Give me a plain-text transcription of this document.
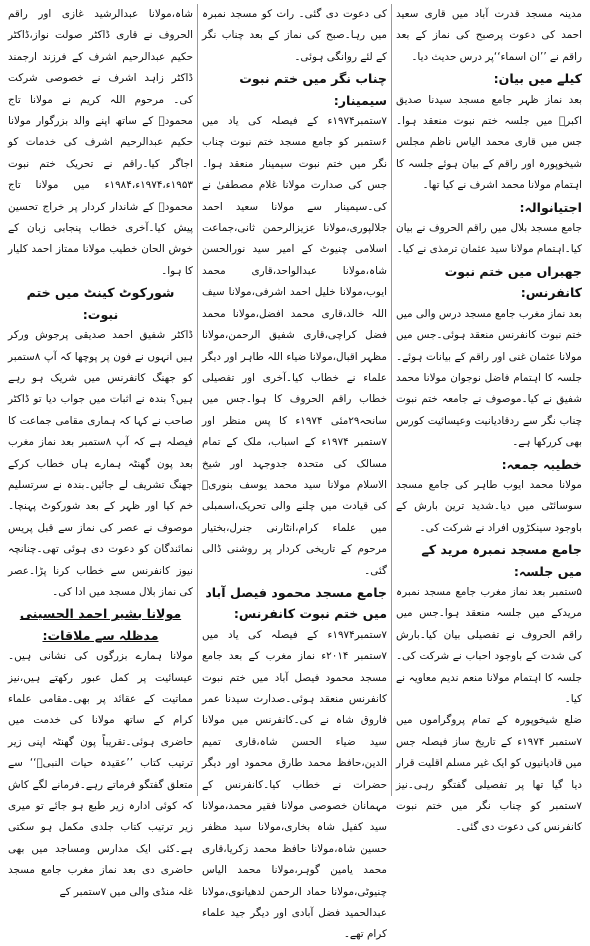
مدینہ مسجد قدرت آباد میں قاری سعید احمد کی دعوت پرصبح کی نماز کے بعد راقم نے ’’ان اسماء‘‘پر درس حدیث دیا۔

کیلے میں بیان:

بعد نماز ظہر جامع مسجد سیدنا صدیق اکبرؓ میں جلسہ ختم نبوت منعقد ہوا۔جس میں قاری محمد الیاس ناظم مجلس شیخوپورہ اور راقم کے بیان ہوئے جلسہ کا اہتمام مولانا محمد اشرف نے کیا تھا۔

اجتیانوالہ:

جامع مسجد بلال میں راقم الحروف نے بیان کیا۔اہتمام مولانا سید عثمان ترمذی نے کیا۔

جھبراں میں ختم نبوت کانفرنس:

بعد نماز مغرب جامع مسجد درس والی میں ختم نبوت کانفرنس منعقد ہوئی۔جس میں مولانا عثمان غنی اور راقم کے بیانات ہوئے۔جلسہ کا اہتمام فاضل نوجوان مولانا محمد شفیق نے کیا۔موصوف نے جامعہ ختم نبوت چناب نگر سے ردقادیانیت وعیسائیت کورس بھی کررکھا ہے۔

خطیبہ جمعہ:

مولانا محمد ایوب طاہر کی جامع مسجد سوسائٹی میں دیا۔شدید ترین بارش کے باوجود سینکڑوں افراد نے شرکت کی۔

جامع مسجد نمبرہ مرید کے میں جلسہ:

۵ستمبر بعد نماز مغرب جامع مسجد نمبرہ مریدکے میں جلسہ منعقد ہوا۔جس میں راقم الحروف نے تفصیلی بیان کیا۔بارش کی شدت کے باوجود احباب نے شرکت کی۔جلسہ کا اہتمام مولانا منعم ندیم معاویہ نے کیا۔

ضلع شیخوپورہ کے تمام پروگراموں میں ۷ستمبر ۱۹۷۴ء کے تاریخ ساز فیصلہ جس میں قادیانیوں کو ایک غیر مسلم اقلیت قرار دیا گیا تھا پر تفصیلی گفتگو رہی۔نیز ۷ستمبر کو چناب نگر میں ختم نبوت کانفرنس کی دعوت دی گئی۔

کی دعوت دی گئی۔ رات کو مسجد نمبرہ میں رہا۔صبح کی نماز کے بعد چناب نگر کے لئے روانگی ہوئی۔

چناب نگر میں ختم نبوت سیمینار:

۷ستمبر۱۹۷۴ء کے فیصلہ کی یاد میں ۶ستمبر کو جامع مسجد ختم نبوت چناب نگر میں ختم نبوت سیمینار منعقد ہوا۔جس کی صدارت مولانا غلام مصطفیٰ نے کی۔سیمینار سے مولانا سعید احمد جلالپوری،مولانا عزیزالرحمن ثانی،جماعت اسلامی چنیوٹ کے امیر سید نورالحسن شاہ،مولانا عبدالواحد،قاری محمد ایوب،مولانا خلیل احمد اشرفی،مولانا سیف اللہ خالد،قاری محمد افضل،مولانا محمد فضل کراچی،قاری شفیق الرحمن،مولانا مظہر اقبال،مولانا ضیاء اللہ طاہر اور دیگر علماء نے خطاب کیا۔آخری اور تفصیلی خطاب راقم الحروف کا ہوا۔جس میں سانحہ۲۹مئی ۱۹۷۴ء کا پس منظر اور ۷ستمبر ۱۹۷۴ء کے اسباب، ملک کے تمام مسالک کی متحدہ جدوجہد اور شیخ الاسلام مولانا سید محمد یوسف بنوریؒ کی قیادت میں چلنے والی تحریک،اسمبلی میں علماء کرام،انٹارنی جنرل،بختیار مرحوم کے تاریخی کردار پر روشنی ڈالی گئی۔

جامع مسجد محمود فیصل آباد میں ختم نبوت کانفرنس:

۷ستمبر۱۹۷۴ء کے فیصلہ کی یاد میں ۷ستمبر ۲۰۱۴ء نماز مغرب کے بعد جامع مسجد محمود فیصل آباد میں ختم نبوت کانفرنس منعقد ہوئی۔صدارت سیدنا عمر فاروق شاہ نے کی۔کانفرنس میں مولانا سید ضیاء الحسن شاہ،قاری تمیم الدین،حافظ محمد طارق محمود اور دیگر حضرات نے خطاب کیا۔کانفرنس کے مہمانان خصوصی مولانا فقیر محمد،مولانا سید کفیل شاہ بخاری،مولانا سید مظفر حسین شاہ،مولانا حافظ محمد زکریا،قاری محمد یامین گوہر،مولانا محمد الیاس چنیوٹی،مولانا حماد الرحمن لدھیانوی،مولانا عبدالحمید فضل آبادی اور دیگر جید علماء کرام تھے۔

شاہ،مولانا عبدالرشید غازی اور راقم الحروف نے قاری ڈاکٹر صولت نواز،ڈاکٹر حکیم عبدالرحیم اشرف کے فرزند ارجمند ڈاکٹر زاہد اشرف نے خصوصی شرکت کی۔ مرحوم اللہ کریم نے مولانا تاج محمودؒ کے ساتھ اپنے والد بزرگوار مولانا حکیم عبدالرحیم اشرف کی خدمات کو اجاگر کیا۔راقم نے تحریک ختم نبوت ۱۹۵۳ء،۱۹۷۴ء،۱۹۸۴ء میں مولانا تاج محمودؒ کے شاندار کردار پر خراج تحسین پیش کیا۔آخری خطاب پنجابی زبان کے خوش الحان خطیب مولانا ممتاز احمد کلیار کا ہوا۔

شورکوٹ کینٹ میں ختم نبوت:

ڈاکٹر شفیق احمد صدیقی پرجوش ورکر ہیں انہوں نے فون پر پوچھا کہ آپ ۸ستمبر کو جھنگ کانفرنس میں شریک ہو رہے ہیں؟ بندہ نے اثبات میں جواب دیا تو ڈاکٹر صاحب نے کہا کہ ہماری مقامی جماعت کا فیصلہ ہے کہ آپ ۸ستمبر بعد نماز مغرب بعد پون گھنٹہ ہمارے ہاں خطاب کرکے جھنگ تشریف لے جائیں۔بندہ نے سرتسلیم خم کیا اور ظہر کے بعد شورکوٹ پہنچا۔موصوف نے عصر کی نماز سے قبل پریس نمائندگان کو دعوت دی ہوئی تھی۔چنانچہ نیوز کانفرنس سے خطاب کرنا پڑا۔عصر کی نماز بلال مسجد میں ادا کی۔

مولانا بشیر احمد الحسینی مدظلہ سے ملاقات:

مولانا ہمارے بزرگوں کی نشانی ہیں۔ عیسائیت پر کمل عبور رکھتے ہیں،نیز مماتیت کے عقائد پر بھی۔مقامی علماء کرام کے ساتھ مولانا کی خدمت میں حاضری ہوئی۔تقریباً پون گھنٹہ اپنی زیر ترتیب کتاب ’’عقیدہ حیات النبیؐ‘‘ سے متعلق گفتگو فرماتے رہے۔فرمانے لگے کاش کہ کوئی ادارہ زیر طبع ہو جائے تو میری زیر ترتیب کتاب جلدی مکمل ہو سکتی ہے۔کئی ایک مدارس ومساجد میں بھی حاضری دی بعد نماز مغرب جامع مسجد غلہ منڈی والی میں ۷ستمبر کے
